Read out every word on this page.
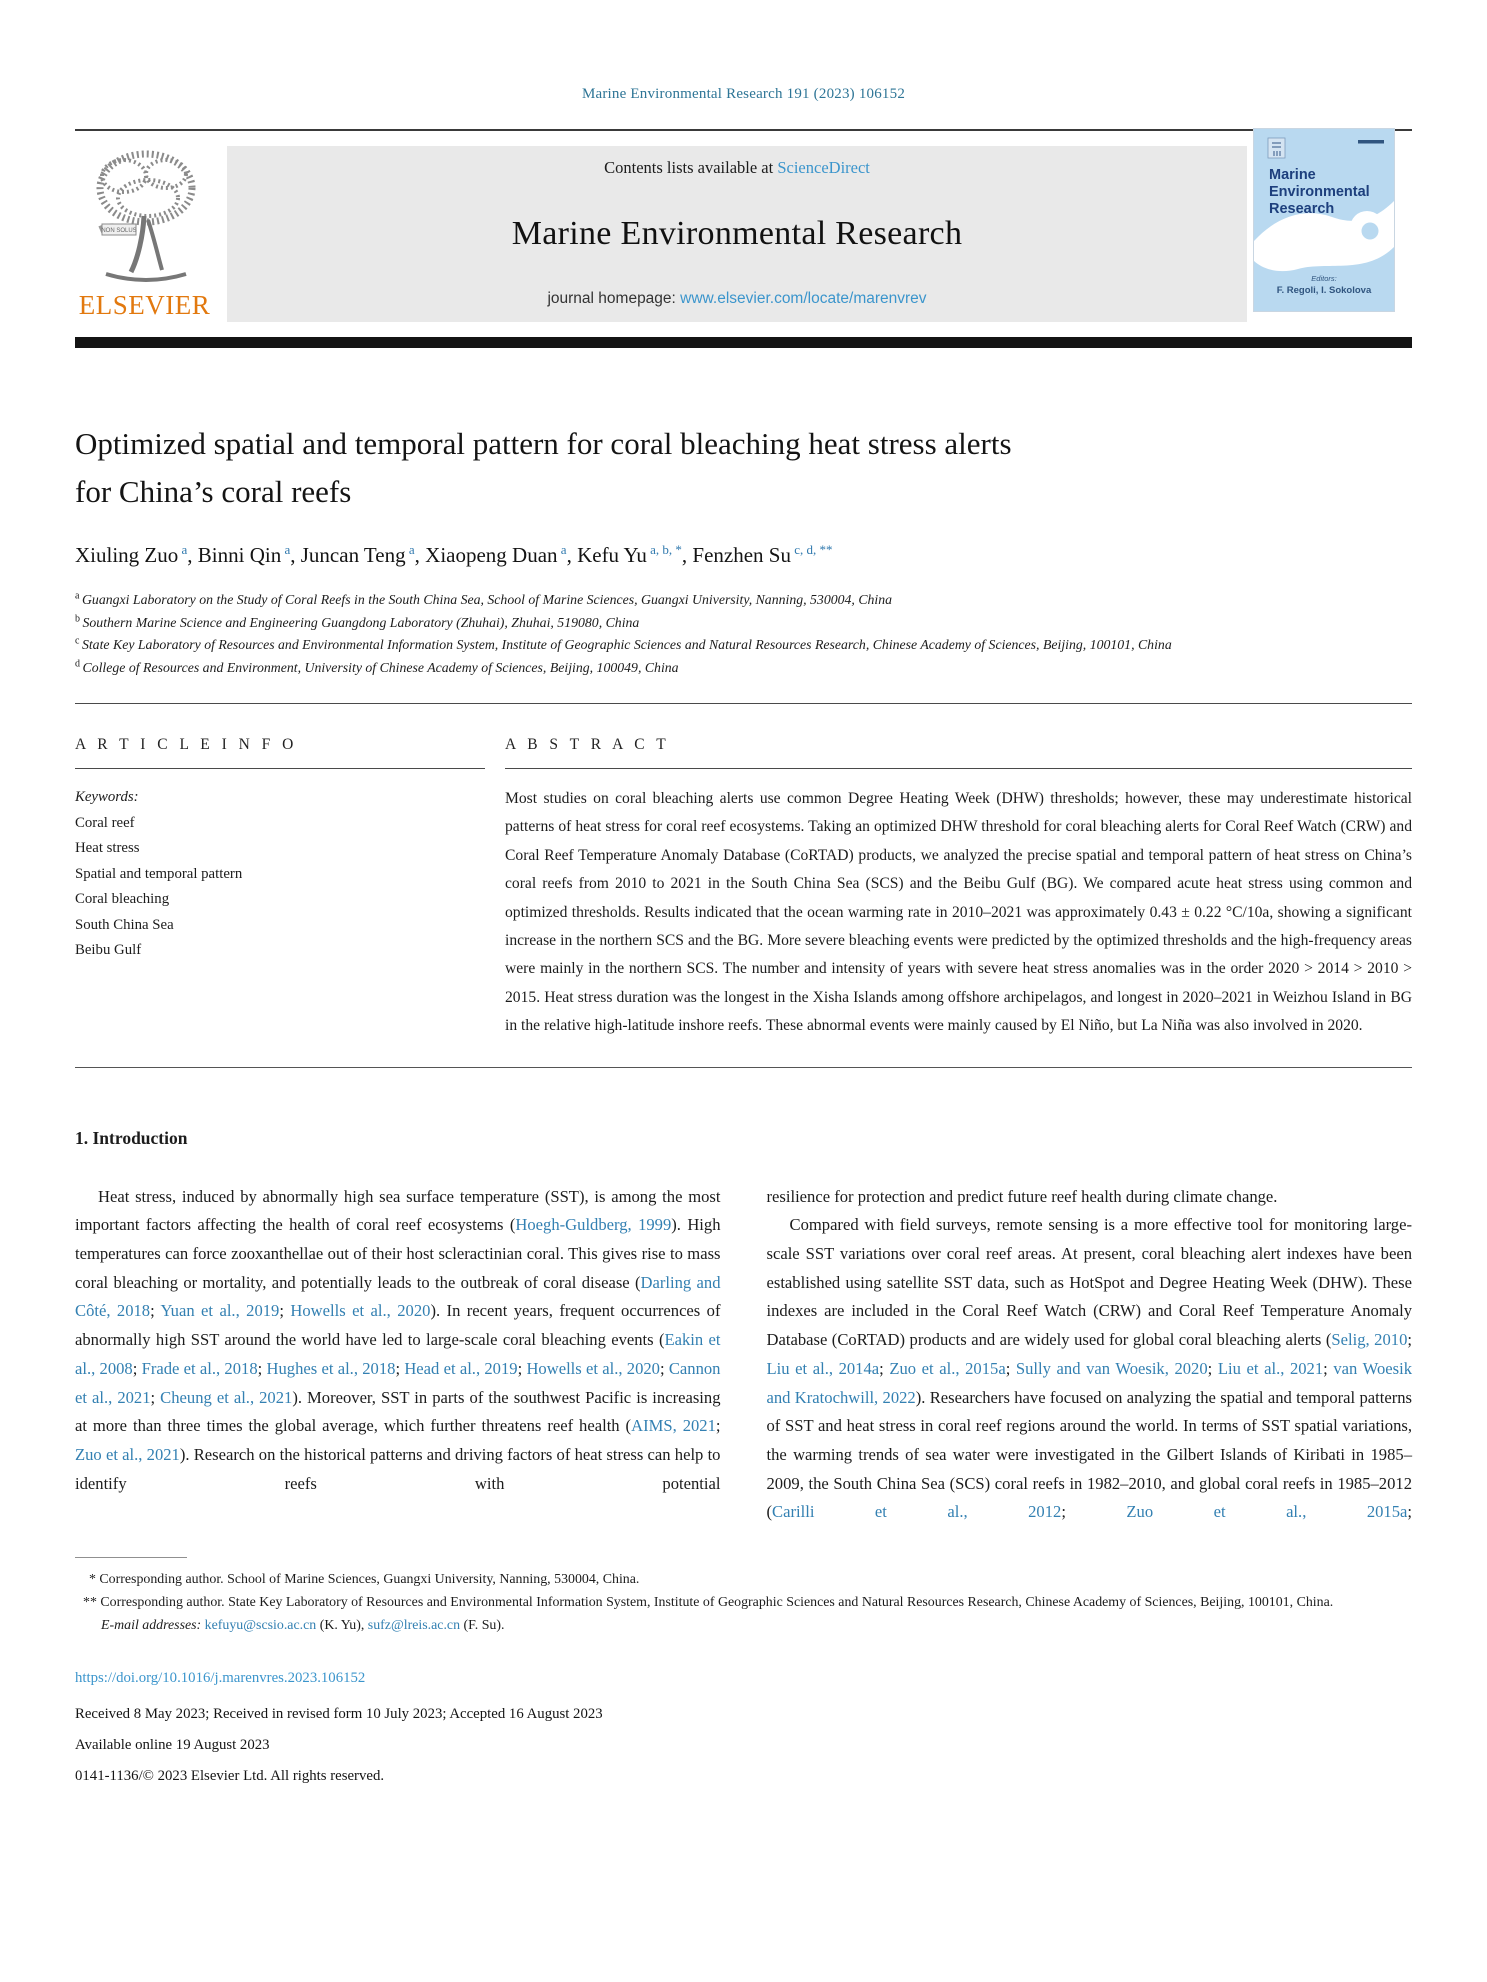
Marine Environmental Research 191 (2023) 106152
NON SOLUS
ELSEVIER
Contents lists available at ScienceDirect
Marine Environmental Research
journal homepage: www.elsevier.com/locate/marenvrev
Marine
Environmental
Research
Editors:
F. Regoli, I. Sokolova
Optimized spatial and temporal pattern for coral bleaching heat stress alerts
for China’s coral reefs
Xiuling Zuo $^a$, Binni Qin $^a$, Juncan Teng $^a$, Xiaopeng Duan $^a$, Kefu Yu $^{a, b, *}$, Fenzhen Su $^{c, d, **}$
$^a$ Guangxi Laboratory on the Study of Coral Reefs in the South China Sea, School of Marine Sciences, Guangxi University, Nanning, 530004, China
$^b$ Southern Marine Science and Engineering Guangdong Laboratory (Zhuhai), Zhuhai, 519080, China
$^c$ State Key Laboratory of Resources and Environmental Information System, Institute of Geographic Sciences and Natural Resources Research, Chinese Academy of Sciences, Beijing, 100101, China
$^d$ College of Resources and Environment, University of Chinese Academy of Sciences, Beijing, 100049, China
A R T I C L E I N F O
Keywords:
Coral reef
Heat stress
Spatial and temporal pattern
Coral bleaching
South China Sea
Beibu Gulf
A B S T R A C T
Most studies on coral bleaching alerts use common Degree Heating Week (DHW) thresholds; however, these may underestimate historical patterns of heat stress for coral reef ecosystems. Taking an optimized DHW threshold for coral bleaching alerts for Coral Reef Watch (CRW) and Coral Reef Temperature Anomaly Database (CoRTAD) products, we analyzed the precise spatial and temporal pattern of heat stress on China’s coral reefs from 2010 to 2021 in the South China Sea (SCS) and the Beibu Gulf (BG). We compared acute heat stress using common and optimized thresholds. Results indicated that the ocean warming rate in 2010–2021 was approximately 0.43 ± 0.22 °C/10a, showing a significant increase in the northern SCS and the BG. More severe bleaching events were predicted by the optimized thresholds and the high-frequency areas were mainly in the northern SCS. The number and intensity of years with severe heat stress anomalies was in the order 2020 > 2014 > 2010 > 2015. Heat stress duration was the longest in the Xisha Islands among offshore archipelagos, and longest in 2020–2021 in Weizhou Island in BG in the relative high-latitude inshore reefs. These abnormal events were mainly caused by El Niño, but La Niña was also involved in 2020.
1. Introduction

Heat stress, induced by abnormally high sea surface temperature (SST), is among the most important factors affecting the health of coral reef ecosystems (Hoegh-Guldberg, 1999). High temperatures can force zooxanthellae out of their host scleractinian coral. This gives rise to mass coral bleaching or mortality, and potentially leads to the outbreak of coral disease (Darling and Côté, 2018; Yuan et al., 2019; Howells et al., 2020). In recent years, frequent occurrences of abnormally high SST around the world have led to large-scale coral bleaching events (Eakin et al., 2008; Frade et al., 2018; Hughes et al., 2018; Head et al., 2019; Howells et al., 2020; Cannon et al., 2021; Cheung et al., 2021). Moreover, SST in parts of the southwest Pacific is increasing at more than three times the global average, which further threatens reef health (AIMS, 2021; Zuo et al., 2021). Research on the historical patterns and driving factors of heat stress can help to identify reefs with potential

resilience for protection and predict future reef health during climate change.

Compared with field surveys, remote sensing is a more effective tool for monitoring large-scale SST variations over coral reef areas. At present, coral bleaching alert indexes have been established using satellite SST data, such as HotSpot and Degree Heating Week (DHW). These indexes are included in the Coral Reef Watch (CRW) and Coral Reef Temperature Anomaly Database (CoRTAD) products and are widely used for global coral bleaching alerts (Selig, 2010; Liu et al., 2014a; Zuo et al., 2015a; Sully and van Woesik, 2020; Liu et al., 2021; van Woesik and Kratochwill, 2022). Researchers have focused on analyzing the spatial and temporal patterns of SST and heat stress in coral reef regions around the world. In terms of SST spatial variations, the warming trends of sea water were investigated in the Gilbert Islands of Kiribati in 1985–2009, the South China Sea (SCS) coral reefs in 1982–2010, and global coral reefs in 1985–2012 (Carilli et al., 2012; Zuo et al., 2015a;

* Corresponding author. School of Marine Sciences, Guangxi University, Nanning, 530004, China.
** Corresponding author. State Key Laboratory of Resources and Environmental Information System, Institute of Geographic Sciences and Natural Resources Research, Chinese Academy of Sciences, Beijing, 100101, China.
E-mail addresses: kefuyu@scsio.ac.cn (K. Yu), sufz@lreis.ac.cn (F. Su).
https://doi.org/10.1016/j.marenvres.2023.106152
Received 8 May 2023; Received in revised form 10 July 2023; Accepted 16 August 2023
Available online 19 August 2023
0141-1136/© 2023 Elsevier Ltd. All rights reserved.
